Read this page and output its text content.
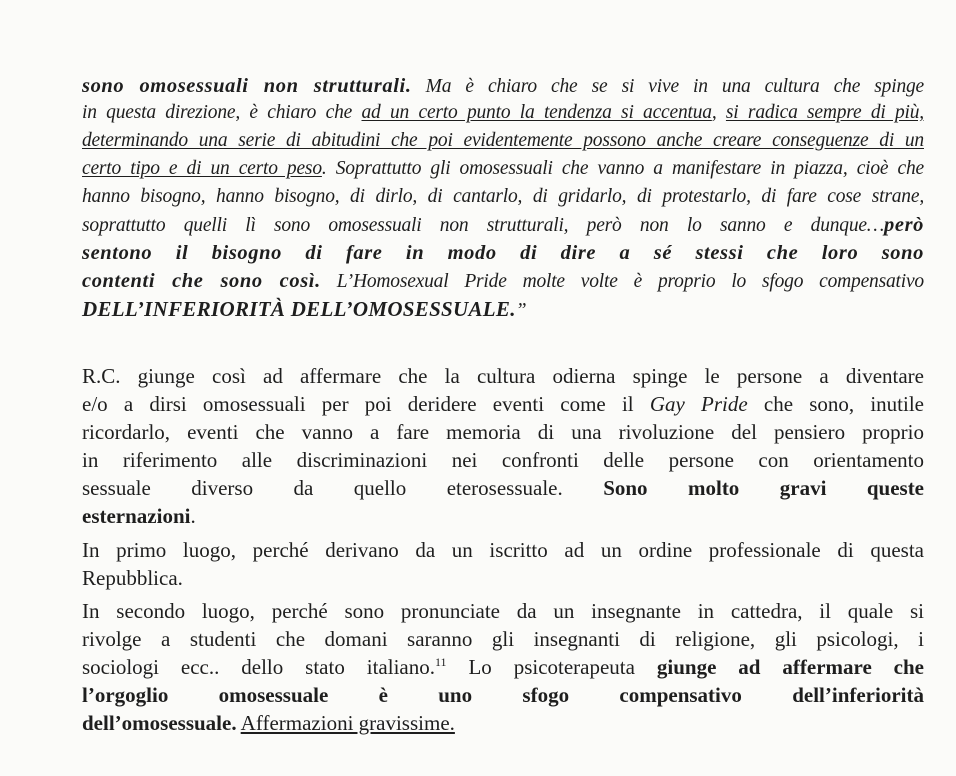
sono omosessuali non strutturali. Ma è chiaro che se si vive in una cultura che spinge
in questa direzione, è chiaro che ad un certo punto la tendenza si accentua, si radica sempre di più,
determinando una serie di abitudini che poi evidentemente possono anche creare conseguenze di un
certo tipo e di un certo peso. Soprattutto gli omosessuali che vanno a manifestare in piazza, cioè che
hanno bisogno, hanno bisogno, di dirlo, di cantarlo, di gridarlo, di protestarlo, di fare cose strane,
soprattutto quelli lì sono omosessuali non strutturali, però non lo sanno e dunque…però
sentono il bisogno di fare in modo di dire a sé stessi che loro sono
contenti che sono così. L’Homosexual Pride molte volte è proprio lo sfogo compensativo
DELL’INFERIORITÀ DELL’OMOSESSUALE.”
R.C. giunge così ad affermare che la cultura odierna spinge le persone a diventare
e/o a dirsi omosessuali per poi deridere eventi come il Gay Pride che sono, inutile
ricordarlo, eventi che vanno a fare memoria di una rivoluzione del pensiero proprio
in riferimento alle discriminazioni nei confronti delle persone con orientamento
sessuale diverso da quello eterosessuale. Sono molto gravi queste
esternazioni.
In primo luogo, perché derivano da un iscritto ad un ordine professionale di questa
Repubblica.
In secondo luogo, perché sono pronunciate da un insegnante in cattedra, il quale si
rivolge a studenti che domani saranno gli insegnanti di religione, gli psicologi, i
sociologi ecc.. dello stato italiano.$^{11}$ Lo psicoterapeuta giunge ad affermare che
l’orgoglio omosessuale è uno sfogo compensativo dell’inferiorità
dell’omosessuale. Affermazioni gravissime.
